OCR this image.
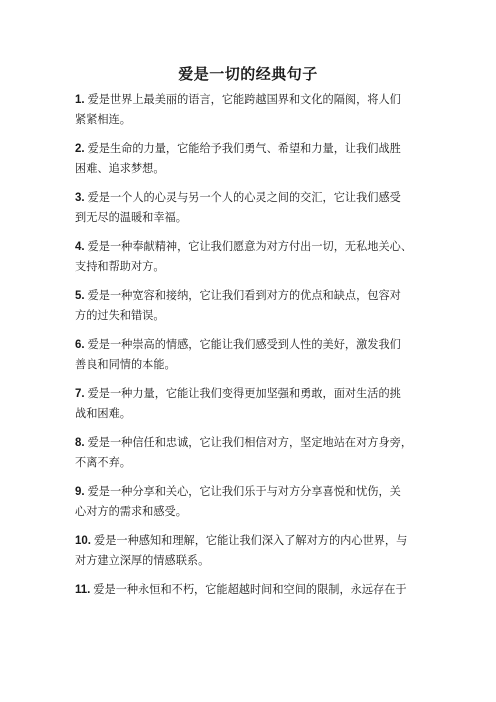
爱是一切的经典句子
1. 爱是世界上最美丽的语言，它能跨越国界和文化的隔阂，将人们
紧紧相连。
2. 爱是生命的力量，它能给予我们勇气、希望和力量，让我们战胜
困难、追求梦想。
3. 爱是一个人的心灵与另一个人的心灵之间的交汇，它让我们感受
到无尽的温暖和幸福。
4. 爱是一种奉献精神，它让我们愿意为对方付出一切，无私地关心、
支持和帮助对方。
5. 爱是一种宽容和接纳，它让我们看到对方的优点和缺点，包容对
方的过失和错误。
6. 爱是一种崇高的情感，它能让我们感受到人性的美好，激发我们
善良和同情的本能。
7. 爱是一种力量，它能让我们变得更加坚强和勇敢，面对生活的挑
战和困难。
8. 爱是一种信任和忠诚，它让我们相信对方，坚定地站在对方身旁，
不离不弃。
9. 爱是一种分享和关心，它让我们乐于与对方分享喜悦和忧伤，关
心对方的需求和感受。
10. 爱是一种感知和理解，它能让我们深入了解对方的内心世界，与
对方建立深厚的情感联系。
11. 爱是一种永恒和不朽，它能超越时间和空间的限制，永远存在于
